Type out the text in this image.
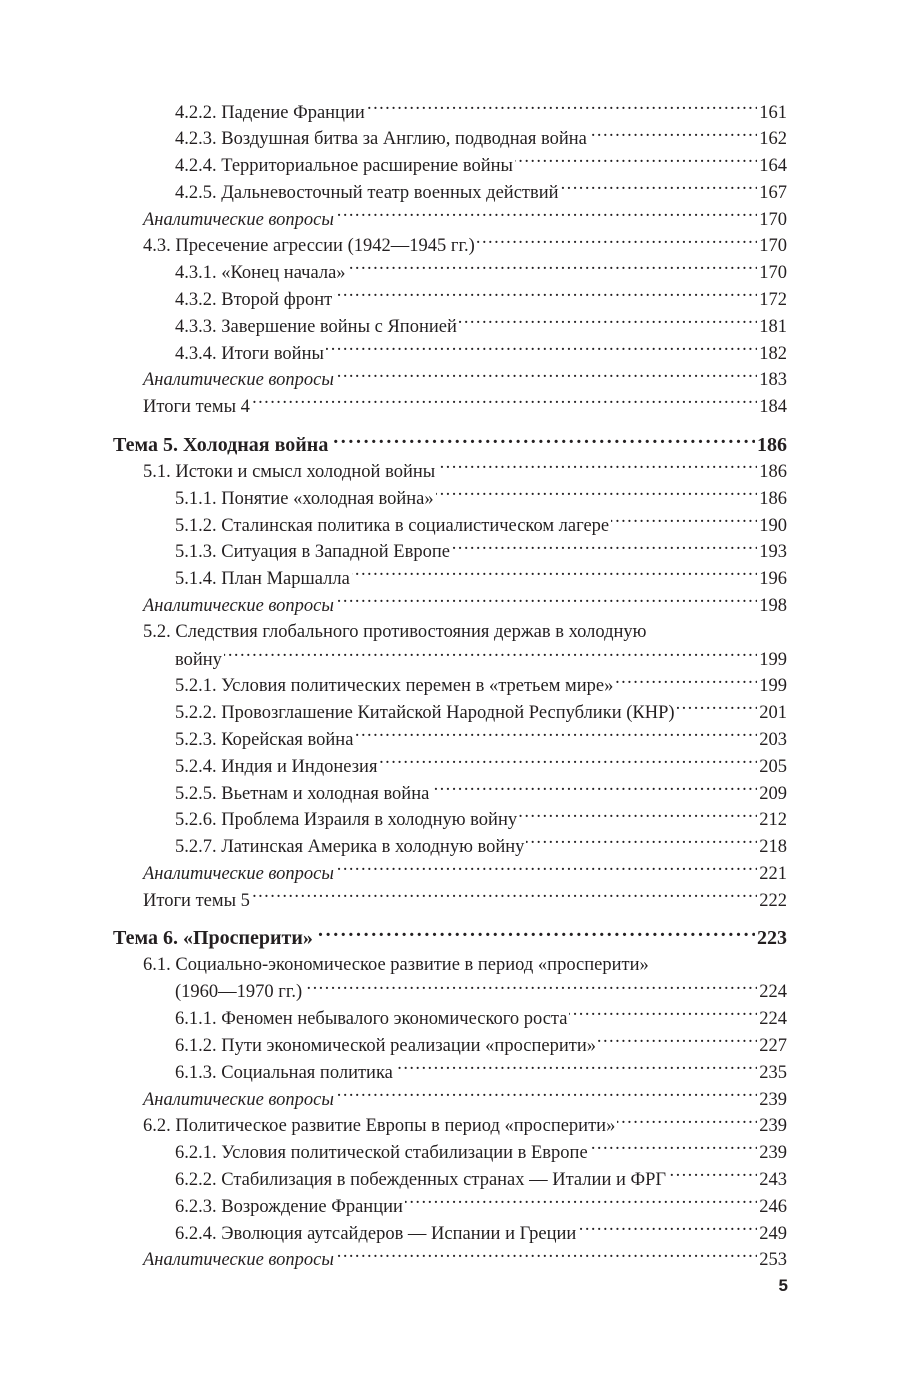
4.2.2. Падение Франции . . .	161
4.2.3. Воздушная битва за Англию, подводная война . . .	162
4.2.4. Территориальное расширение войны . . .	164
4.2.5. Дальневосточный театр военных действий . . .	167
Аналитические вопросы . . .	170
4.3. Пресечение агрессии (1942—1945 гг.) . . .	170
4.3.1. «Конец начала» . . .	170
4.3.2. Второй фронт . . .	172
4.3.3. Завершение войны с Японией . . .	181
4.3.4. Итоги войны . . .	182
Аналитические вопросы . . .	183
Итоги темы 4 . . .	184
Тема 5. Холодная война . . .	186
5.1. Истоки и смысл холодной войны . . .	186
5.1.1. Понятие «холодная война» . . .	186
5.1.2. Сталинская политика в социалистическом лагере . . .	190
5.1.3. Ситуация в Западной Европе . . .	193
5.1.4. План Маршалла . . .	196
Аналитические вопросы . . .	198
5.2. Следствия глобального противостояния держав в холодную
войну . . .	199
5.2.1. Условия политических перемен в «третьем мире» . . .	199
5.2.2. Провозглашение Китайской Народной Республики (КНР) . . .	201
5.2.3. Корейская война . . .	203
5.2.4. Индия и Индонезия . . .	205
5.2.5. Вьетнам и холодная война . . .	209
5.2.6. Проблема Израиля в холодную войну . . .	212
5.2.7. Латинская Америка в холодную войну . . .	218
Аналитические вопросы . . .	221
Итоги темы 5 . . .	222
Тема 6. «Просперити» . . .	223
6.1. Социально-экономическое развитие в период «просперити»
(1960—1970 гг.) . . .	224
6.1.1. Феномен небывалого экономического роста . . .	224
6.1.2. Пути экономической реализации «просперити» . . .	227
6.1.3. Социальная политика . . .	235
Аналитические вопросы . . .	239
6.2. Политическое развитие Европы в период «просперити» . . .	239
6.2.1. Условия политической стабилизации в Европе . . .	239
6.2.2. Стабилизация в побежденных странах — Италии и ФРГ . . .	243
6.2.3. Возрождение Франции . . .	246
6.2.4. Эволюция аутсайдеров — Испании и Греции . . .	249
Аналитические вопросы . . .	253
5
